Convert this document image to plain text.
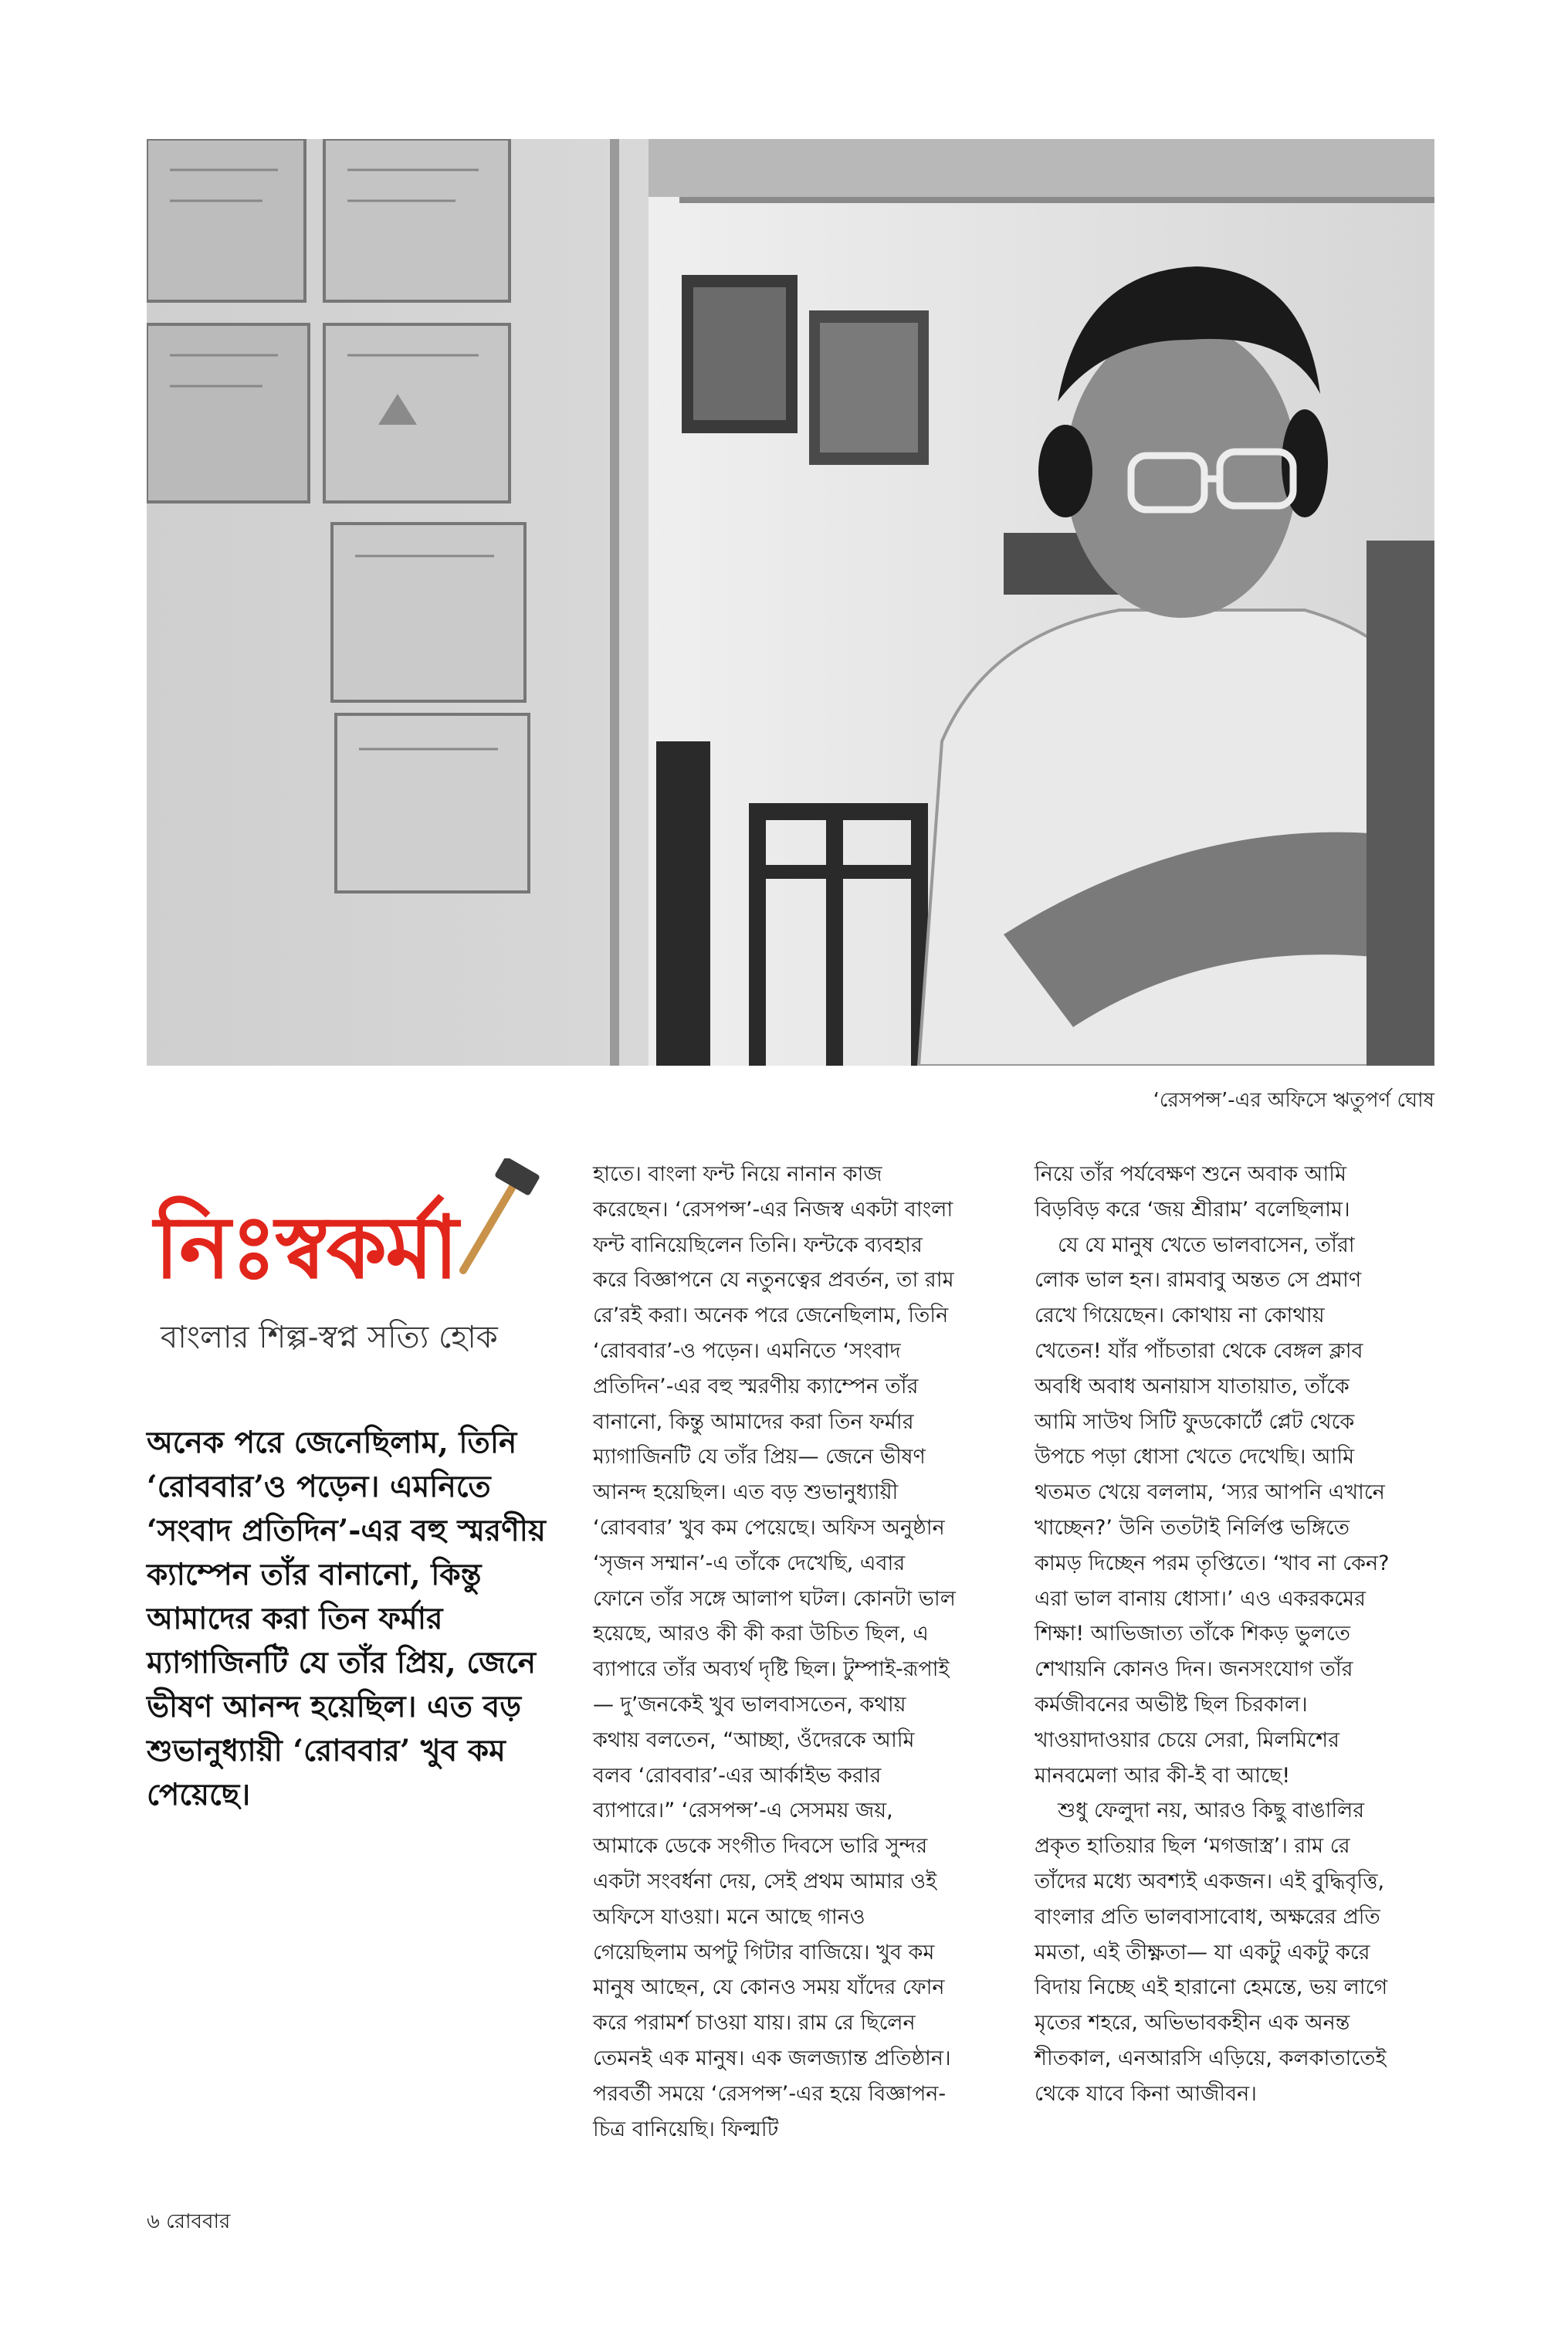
‘রেসপন্স’-এর অফিসে ঋতুপর্ণ ঘোষ
নিঃস্বকর্মা
বাংলার শিল্প-স্বপ্ন সত্যি হোক

অনেক পরে জেনেছিলাম, তিনি ‘রোববার’ও পড়েন। এমনিতে ‘সংবাদ প্রতিদিন’-এর বহু স্মরণীয় ক্যাম্পেন তাঁর বানানো, কিন্তু আমাদের করা তিন ফর্মার ম্যাগাজিনটি যে তাঁর প্রিয়, জেনে ভীষণ আনন্দ হয়েছিল। এত বড় শুভানুধ্যায়ী ‘রোববার’ খুব কম পেয়েছে।

হাতে। বাংলা ফন্ট নিয়ে নানান কাজ করেছেন। ‘রেসপন্স’-এর নিজস্ব একটা বাংলা ফন্ট বানিয়েছিলেন তিনি। ফন্টকে ব্যবহার করে বিজ্ঞাপনে যে নতুনত্বের প্রবর্তন, তা রাম রে’রই করা। অনেক পরে জেনেছিলাম, তিনি ‘রোববার’-ও পড়েন। এমনিতে ‘সংবাদ প্রতিদিন’-এর বহু স্মরণীয় ক্যাম্পেন তাঁর বানানো, কিন্তু আমাদের করা তিন ফর্মার ম্যাগাজিনটি যে তাঁর প্রিয়— জেনে ভীষণ আনন্দ হয়েছিল। এত বড় শুভানুধ্যায়ী ‘রোববার’ খুব কম পেয়েছে। অফিস অনুষ্ঠান ‘সৃজন সম্মান’-এ তাঁকে দেখেছি, এবার ফোনে তাঁর সঙ্গে আলাপ ঘটল। কোনটা ভাল হয়েছে, আরও কী কী করা উচিত ছিল, এ ব্যাপারে তাঁর অব্যর্থ দৃষ্টি ছিল। টুম্পাই-রূপাই— দু’জনকেই খুব ভালবাসতেন, কথায় কথায় বলতেন, “আচ্ছা, ওঁদেরকে আমি বলব ‘রোববার’-এর আর্কাইভ করার ব্যাপারে।” ‘রেসপন্স’-এ সেসময় জয়, আমাকে ডেকে সংগীত দিবসে ভারি সুন্দর একটা সংবর্ধনা দেয়, সেই প্রথম আমার ওই অফিসে যাওয়া। মনে আছে গানও গেয়েছিলাম অপটু গিটার বাজিয়ে। খুব কম মানুষ আছেন, যে কোনও সময় যাঁদের ফোন করে পরামর্শ চাওয়া যায়। রাম রে ছিলেন তেমনই এক মানুষ। এক জলজ্যান্ত প্রতিষ্ঠান। পরবর্তী সময়ে ‘রেসপন্স’-এর হয়ে বিজ্ঞাপন-চিত্র বানিয়েছি। ফিল্মটি

নিয়ে তাঁর পর্যবেক্ষণ শুনে অবাক আমি বিড়বিড় করে ‘জয় শ্রীরাম’ বলেছিলাম।

যে যে মানুষ খেতে ভালবাসেন, তাঁরা লোক ভাল হন। রামবাবু অন্তত সে প্রমাণ রেখে গিয়েছেন। কোথায় না কোথায় খেতেন! যাঁর পাঁচতারা থেকে বেঙ্গল ক্লাব অবধি অবাধ অনায়াস যাতায়াত, তাঁকে আমি সাউথ সিটি ফুডকোর্টে প্লেট থেকে উপচে পড়া ধোসা খেতে দেখেছি। আমি থতমত খেয়ে বললাম, ‘স্যর আপনি এখানে খাচ্ছেন?’ উনি ততটাই নির্লিপ্ত ভঙ্গিতে কামড় দিচ্ছেন পরম তৃপ্তিতে। ‘খাব না কেন? এরা ভাল বানায় ধোসা।’ এও একরকমের শিক্ষা! আভিজাত্য তাঁকে শিকড় ভুলতে শেখায়নি কোনও দিন। জনসংযোগ তাঁর কর্মজীবনের অভীষ্ট ছিল চিরকাল। খাওয়াদাওয়ার চেয়ে সেরা, মিলমিশের মানবমেলা আর কী-ই বা আছে!

শুধু ফেলুদা নয়, আরও কিছু বাঙালির প্রকৃত হাতিয়ার ছিল ‘মগজাস্ত্র’। রাম রে তাঁদের মধ্যে অবশ্যই একজন। এই বুদ্ধিবৃত্তি, বাংলার প্রতি ভালবাসাবোধ, অক্ষরের প্রতি মমতা, এই তীক্ষ্ণতা— যা একটু একটু করে বিদায় নিচ্ছে এই হারানো হেমন্তে, ভয় লাগে মৃতের শহরে, অভিভাবকহীন এক অনন্ত শীতকাল, এনআরসি এড়িয়ে, কলকাতাতেই থেকে যাবে কিনা আজীবন।

৬ রোববার
